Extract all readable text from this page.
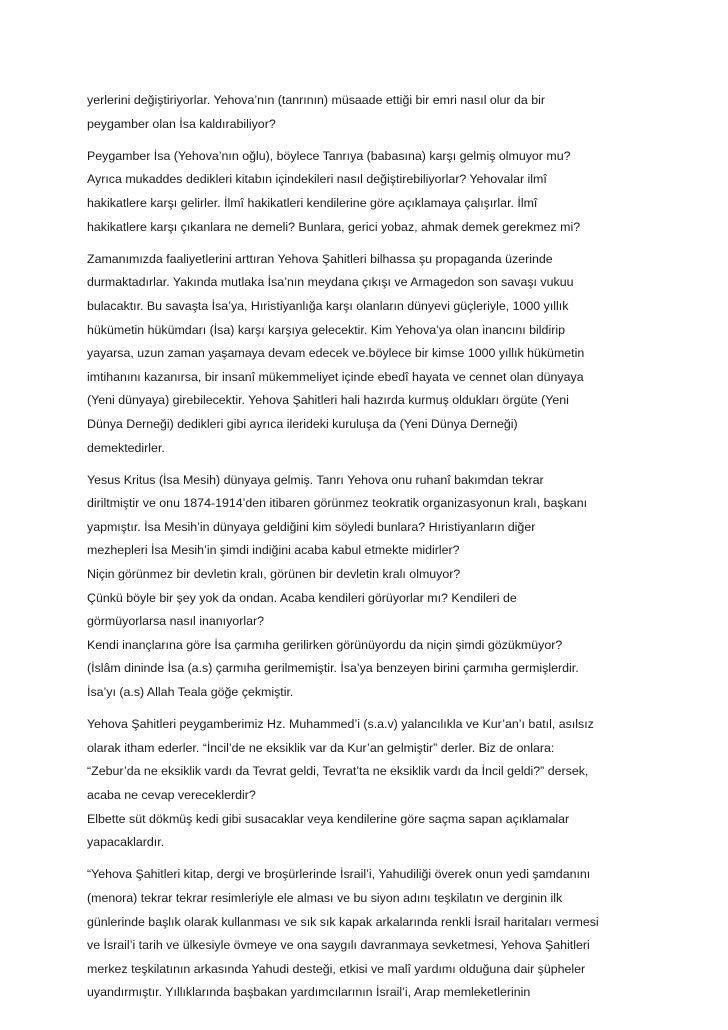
yerlerini değiştiriyorlar. Yehova’nın (tanrının) müsaade ettiği bir emri nasıl olur da bir
peygamber olan İsa kaldırabiliyor?
Peygamber İsa (Yehova’nın oğlu), böylece Tanrıya (babasına) karşı gelmiş olmuyor mu?
Ayrıca mukaddes dedikleri kitabın içindekileri nasıl değiştirebiliyorlar? Yehovalar ilmî
hakikatlere karşı gelirler. İlmî hakikatleri kendilerine göre açıklamaya çalışırlar. İlmî
hakikatlere karşı çıkanlara ne demeli? Bunlara, gerici yobaz, ahmak demek gerekmez mi?
Zamanımızda faaliyetlerini arttıran Yehova Şahitleri bilhassa şu propaganda üzerinde
durmaktadırlar. Yakında mutlaka İsa’nın meydana çıkışı ve Armagedon son savaşı vukuu
bulacaktır. Bu savaşta İsa’ya, Hıristiyanlığa karşı olanların dünyevi güçleriyle, 1000 yıllık
hükümetin hükümdarı (İsa) karşı karşıya gelecektir. Kim Yehova’ya olan inancını bildirip
yayarsa, uzun zaman yaşamaya devam edecek ve.böylece bir kimse 1000 yıllık hükümetin
imtihanını kazanırsa, bir insanî mükemmeliyet içinde ebedî hayata ve cennet olan dünyaya
(Yeni dünyaya) girebilecektir. Yehova Şahitleri hali hazırda kurmuş oldukları örgüte (Yeni
Dünya Derneği) dedikleri gibi ayrıca ilerideki kuruluşa da (Yeni Dünya Derneği)
demektedirler.
Yesus Kritus (İsa Mesih) dünyaya gelmiş. Tanrı Yehova onu ruhanî bakımdan tekrar
diriltmiştir ve onu 1874-1914’den itibaren görünmez teokratik organizasyonun kralı, başkanı
yapmıştır. İsa Mesih’in dünyaya geldiğini kim söyledi bunlara? Hıristiyanların diğer
mezhepleri İsa Mesih’in şimdi indiğini acaba kabul etmekte midirler?
Niçin görünmez bir devletin kralı, görünen bir devletin kralı olmuyor?
Çünkü böyle bir şey yok da ondan. Acaba kendileri görüyorlar mı? Kendileri de
görmüyorlarsa nasıl inanıyorlar?
Kendi inançlarına göre İsa çarmıha gerilirken görünüyordu da niçin şimdi gözükmüyor?
(İslâm dininde İsa (a.s) çarmıha gerilmemiştir. İsa’ya benzeyen birini çarmıha germişlerdir.
İsa’yı (a.s) Allah Teala göğe çekmiştir.
Yehova Şahitleri peygamberimiz Hz. Muhammed’i (s.a.v) yalancılıkla ve Kur’an’ı batıl, asılsız
olarak itham ederler. “İncil’de ne eksiklik var da Kur’an gelmiştir” derler. Biz de onlara:
“Zebur’da ne eksiklik vardı da Tevrat geldi, Tevrat’ta ne eksiklik vardı da İncil geldi?” dersek,
acaba ne cevap vereceklerdir?
Elbette süt dökmüş kedi gibi susacaklar veya kendilerine göre saçma sapan açıklamalar
yapacaklardır.
“Yehova Şahitleri kitap, dergi ve broşürlerinde İsrail’i, Yahudiliği överek onun yedi şamdanını
(menora) tekrar tekrar resimleriyle ele alması ve bu siyon adını teşkilatın ve derginin ilk
günlerinde başlık olarak kullanması ve sık sık kapak arkalarında renkli İsrail haritaları vermesi
ve İsrail’i tarih ve ülkesiyle övmeye ve ona saygılı davranmaya sevketmesi, Yehova Şahitleri
merkez teşkilatının arkasında Yahudi desteği, etkisi ve malî yardımı olduğuna dair şüpheler
uyandırmıştır. Yıllıklarında başbakan yardımcılarının İsrail’i, Arap memleketlerinin
